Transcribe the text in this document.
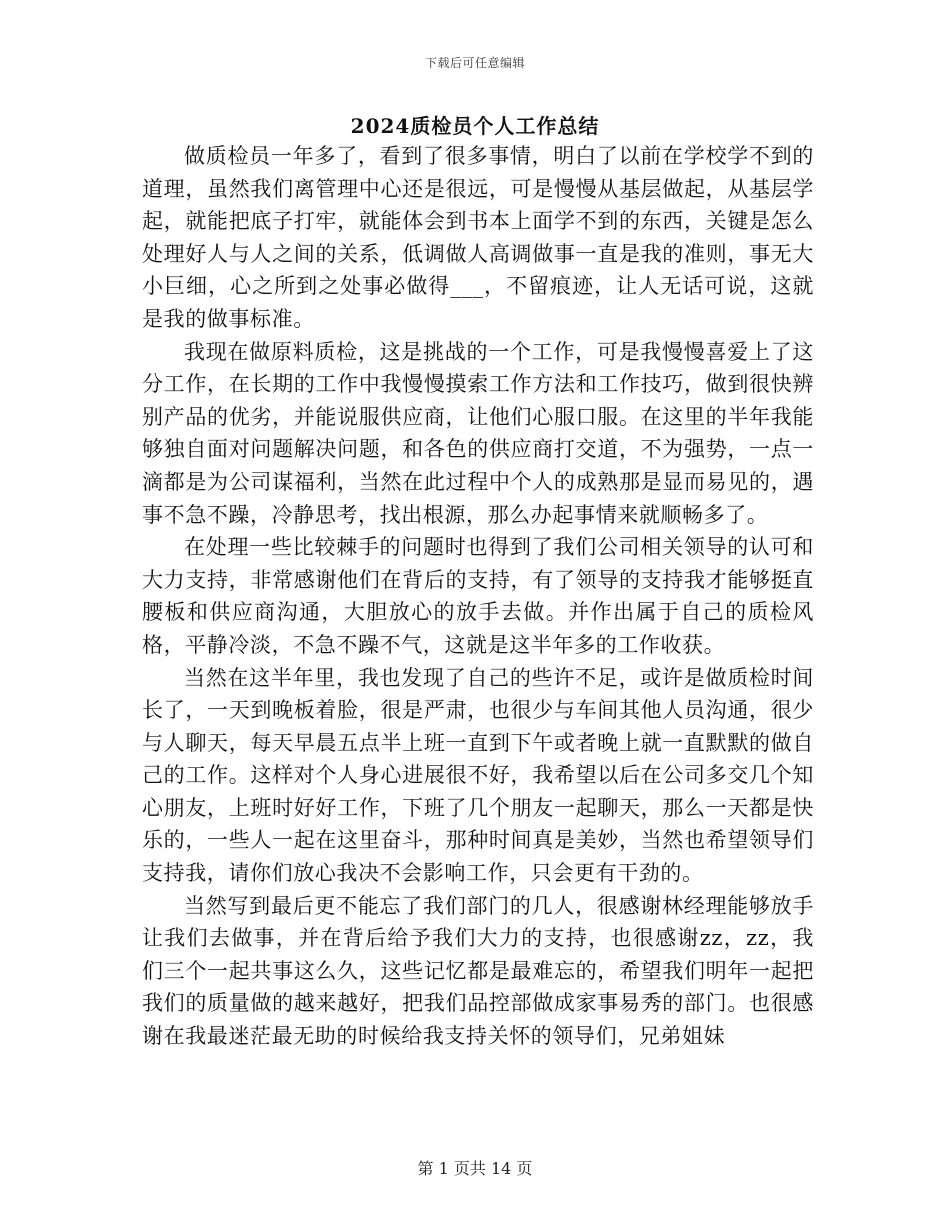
下载后可任意编辑
2024质检员个人工作总结

做质检员一年多了，看到了很多事情，明白了以前在学校学不到的道理，虽然我们离管理中心还是很远，可是慢慢从基层做起，从基层学起，就能把底子打牢，就能体会到书本上面学不到的东西，关键是怎么处理好人与人之间的关系，低调做人高调做事一直是我的准则，事无大小巨细，心之所到之处事必做得___，不留痕迹，让人无话可说，这就是我的做事标准。

我现在做原料质检，这是挑战的一个工作，可是我慢慢喜爱上了这分工作，在长期的工作中我慢慢摸索工作方法和工作技巧，做到很快辨别产品的优劣，并能说服供应商，让他们心服口服。在这里的半年我能够独自面对问题解决问题，和各色的供应商打交道，不为强势，一点一滴都是为公司谋福利，当然在此过程中个人的成熟那是显而易见的，遇事不急不躁，冷静思考，找出根源，那么办起事情来就顺畅多了。

在处理一些比较棘手的问题时也得到了我们公司相关领导的认可和大力支持，非常感谢他们在背后的支持，有了领导的支持我才能够挺直腰板和供应商沟通，大胆放心的放手去做。并作出属于自己的质检风格，平静冷淡，不急不躁不气，这就是这半年多的工作收获。

当然在这半年里，我也发现了自己的些许不足，或许是做质检时间长了，一天到晚板着脸，很是严肃，也很少与车间其他人员沟通，很少与人聊天，每天早晨五点半上班一直到下午或者晚上就一直默默的做自己的工作。这样对个人身心进展很不好，我希望以后在公司多交几个知心朋友，上班时好好工作，下班了几个朋友一起聊天，那么一天都是快乐的，一些人一起在这里奋斗，那种时间真是美妙，当然也希望领导们支持我，请你们放心我决不会影响工作，只会更有干劲的。

当然写到最后更不能忘了我们部门的几人，很感谢林经理能够放手让我们去做事，并在背后给予我们大力的支持，也很感谢zz，zz，我们三个一起共事这么久，这些记忆都是最难忘的，希望我们明年一起把我们的质量做的越来越好，把我们品控部做成家事易秀的部门。也很感谢在我最迷茫最无助的时候给我支持关怀的领导们，兄弟姐妹

第 1 页共 14 页
